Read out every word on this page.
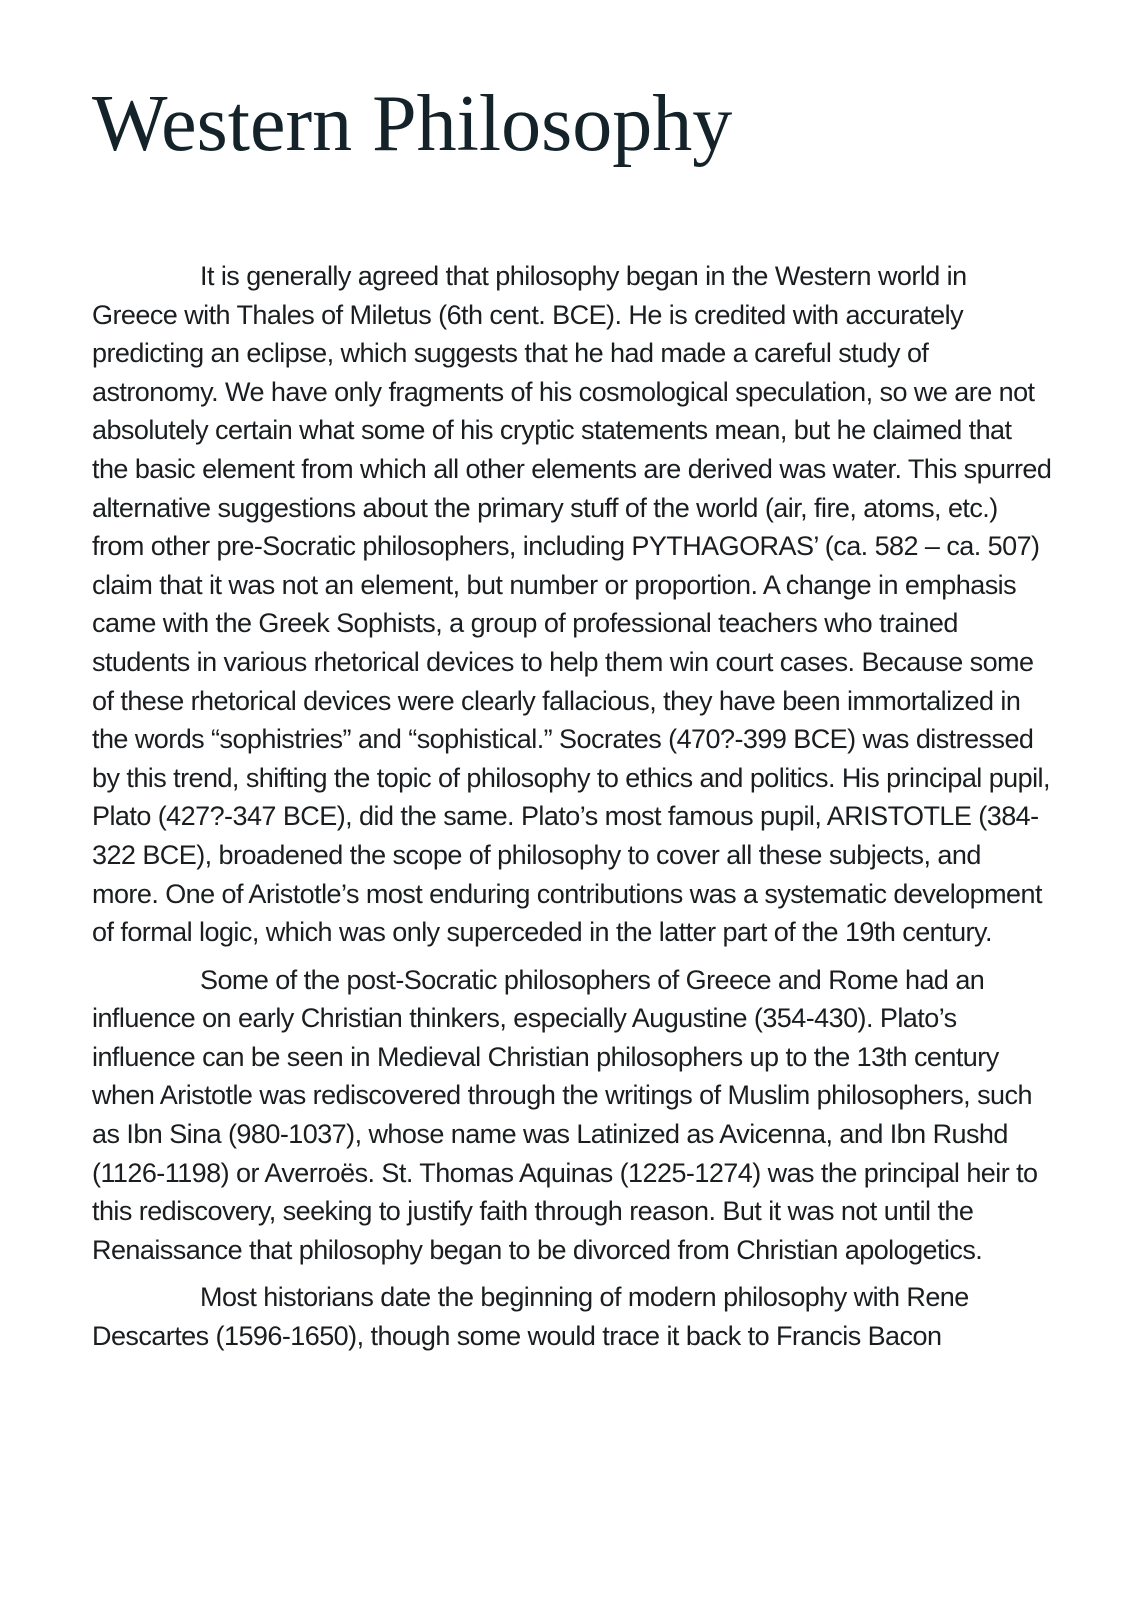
Western Philosophy

It is generally agreed that philosophy began in the Western world in Greece with Thales of Miletus (6th cent. BCE). He is credited with accurately predicting an eclipse, which suggests that he had made a careful study of astronomy. We have only fragments of his cosmological speculation, so we are not absolutely certain what some of his cryptic statements mean, but he claimed that the basic element from which all other elements are derived was water. This spurred alternative suggestions about the primary stuff of the world (air, fire, atoms, etc.) from other pre-Socratic philosophers, including PYTHAGORAS’ (ca. 582 – ca. 507) claim that it was not an element, but number or proportion. A change in emphasis came with the Greek Sophists, a group of professional teachers who trained students in various rhetorical devices to help them win court cases. Because some of these rhetorical devices were clearly fallacious, they have been immortalized in the words “sophistries” and “sophistical.” Socrates (470?-399 BCE) was distressed by this trend, shifting the topic of philosophy to ethics and politics. His principal pupil, Plato (427?-347 BCE), did the same. Plato’s most famous pupil, ARISTOTLE (384-322 BCE), broadened the scope of philosophy to cover all these subjects, and more. One of Aristotle’s most enduring contributions was a systematic development of formal logic, which was only superceded in the latter part of the 19th century.

Some of the post-Socratic philosophers of Greece and Rome had an influence on early Christian thinkers, especially Augustine (354-430). Plato’s influence can be seen in Medieval Christian philosophers up to the 13th century when Aristotle was rediscovered through the writings of Muslim philosophers, such as Ibn Sina (980-1037), whose name was Latinized as Avicenna, and Ibn Rushd (1126-1198) or Averroës. St. Thomas Aquinas (1225-1274) was the principal heir to this rediscovery, seeking to justify faith through reason. But it was not until the Renaissance that philosophy began to be divorced from Christian apologetics.

Most historians date the beginning of modern philosophy with Rene Descartes (1596-1650), though some would trace it back to Francis Bacon
